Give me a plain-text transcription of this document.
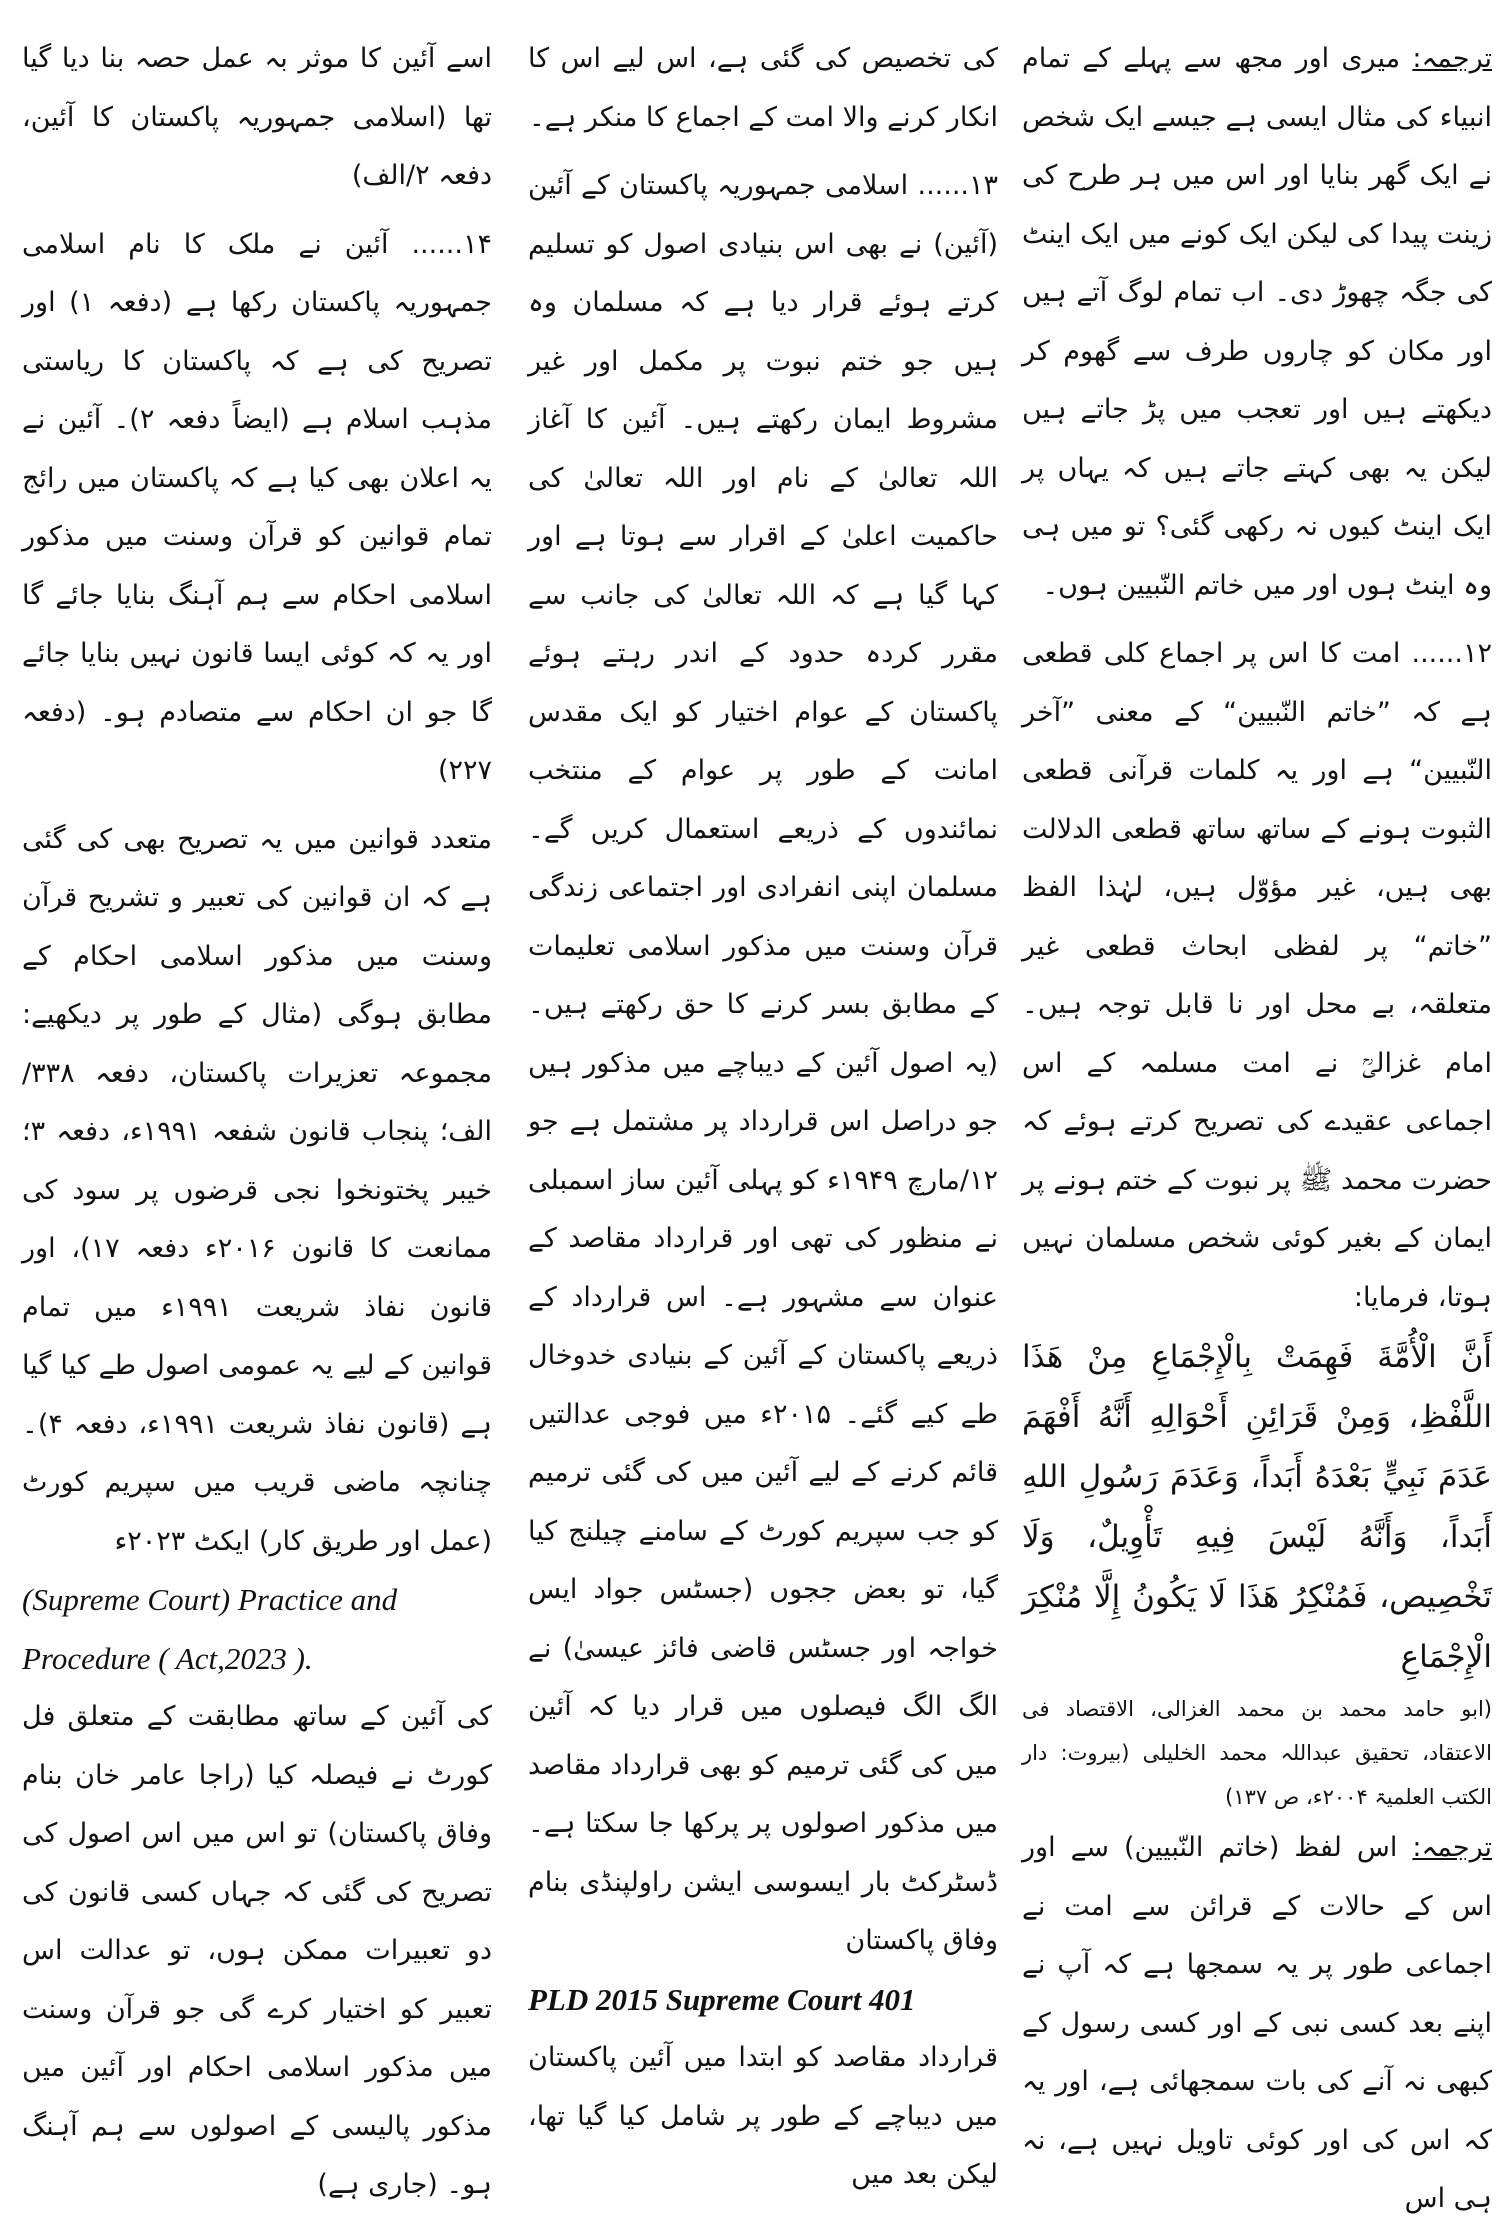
ترجمہ: میری اور مجھ سے پہلے کے تمام انبیاء کی مثال ایسی ہے جیسے ایک شخص نے ایک گھر بنایا اور اس میں ہر طرح کی زینت پیدا کی لیکن ایک کونے میں ایک اینٹ کی جگہ چھوڑ دی۔ اب تمام لوگ آتے ہیں اور مکان کو چاروں طرف سے گھوم کر دیکھتے ہیں اور تعجب میں پڑ جاتے ہیں لیکن یہ بھی کہتے جاتے ہیں کہ یہاں پر ایک اینٹ کیوں نہ رکھی گئی؟ تو میں ہی وہ اینٹ ہوں اور میں خاتم النّبیین ہوں۔

۱۲...... امت کا اس پر اجماع کلی قطعی ہے کہ ”خاتم النّبیین“ کے معنی ”آخر النّبیین“ ہے اور یہ کلمات قرآنی قطعی الثبوت ہونے کے ساتھ ساتھ قطعی الدلالت بھی ہیں، غیر مؤوّل ہیں، لہٰذا الفظ ”خاتم“ پر لفظی ابحاث قطعی غیر متعلقہ، بے محل اور نا قابل توجہ ہیں۔ امام غزالیؒ نے امت مسلمہ کے اس اجماعی عقیدے کی تصریح کرتے ہوئے کہ حضرت محمد ﷺ پر نبوت کے ختم ہونے پر ایمان کے بغیر کوئی شخص مسلمان نہیں ہوتا، فرمایا:

أَنَّ الْأُمَّةَ فَهِمَتْ بِالْإِجْمَاعِ مِنْ هَذَا اللَّفْظِ، وَمِنْ قَرَائِنِ أَحْوَالِهِ أَنَّهُ أَفْهَمَ عَدَمَ نَبِيٍّ بَعْدَهُ أَبَداً، وَعَدَمَ رَسُولِ اللهِ أَبَداً، وَأَنَّهُ لَيْسَ فِيهِ تَأْوِيلٌ، وَلَا تَخْصِيص، فَمُنْكِرُ هَذَا لَا يَكُونُ إِلَّا مُنْكِرَ الْإِجْمَاعِ

(ابو حامد محمد بن محمد الغزالی، الاقتصاد فی الاعتقاد، تحقیق عبداللہ محمد الخلیلی (بیروت: دار الکتب العلمیۃ ۲۰۰۴ء، ص ۱۳۷)

ترجمہ: اس لفظ (خاتم النّبیین) سے اور اس کے حالات کے قرائن سے امت نے اجماعی طور پر یہ سمجھا ہے کہ آپ نے اپنے بعد کسی نبی کے اور کسی رسول کے کبھی نہ آنے کی بات سمجھائی ہے، اور یہ کہ اس کی اور کوئی تاویل نہیں ہے، نہ ہی اس

کی تخصیص کی گئی ہے، اس لیے اس کا انکار کرنے والا امت کے اجماع کا منکر ہے۔

۱۳...... اسلامی جمہوریہ پاکستان کے آئین (آئین) نے بھی اس بنیادی اصول کو تسلیم کرتے ہوئے قرار دیا ہے کہ مسلمان وہ ہیں جو ختم نبوت پر مکمل اور غیر مشروط ایمان رکھتے ہیں۔ آئین کا آغاز اللہ تعالیٰ کے نام اور اللہ تعالیٰ کی حاکمیت اعلیٰ کے اقرار سے ہوتا ہے اور کہا گیا ہے کہ اللہ تعالیٰ کی جانب سے مقرر کردہ حدود کے اندر رہتے ہوئے پاکستان کے عوام اختیار کو ایک مقدس امانت کے طور پر عوام کے منتخب نمائندوں کے ذریعے استعمال کریں گے۔ مسلمان اپنی انفرادی اور اجتماعی زندگی قرآن وسنت میں مذکور اسلامی تعلیمات کے مطابق بسر کرنے کا حق رکھتے ہیں۔ (یہ اصول آئین کے دیباچے میں مذکور ہیں جو دراصل اس قرارداد پر مشتمل ہے جو ۱۲/مارچ ۱۹۴۹ء کو پہلی آئین ساز اسمبلی نے منظور کی تھی اور قرارداد مقاصد کے عنوان سے مشہور ہے۔ اس قرارداد کے ذریعے پاکستان کے آئین کے بنیادی خدوخال طے کیے گئے۔ ۲۰۱۵ء میں فوجی عدالتیں قائم کرنے کے لیے آئین میں کی گئی ترمیم کو جب سپریم کورٹ کے سامنے چیلنج کیا گیا، تو بعض ججوں (جسٹس جواد ایس خواجہ اور جسٹس قاضی فائز عیسیٰ) نے الگ الگ فیصلوں میں قرار دیا کہ آئین میں کی گئی ترمیم کو بھی قرارداد مقاصد میں مذکور اصولوں پر پرکھا جا سکتا ہے۔ ڈسٹرکٹ بار ایسوسی ایشن راولپنڈی بنام وفاق پاکستان

PLD 2015 Supreme Court 401

قرارداد مقاصد کو ابتدا میں آئین پاکستان میں دیباچے کے طور پر شامل کیا گیا تھا، لیکن بعد میں

اسے آئین کا موثر بہ عمل حصہ بنا دیا گیا تھا (اسلامی جمہوریہ پاکستان کا آئین، دفعہ ۲/الف)

۱۴...... آئین نے ملک کا نام اسلامی جمہوریہ پاکستان رکھا ہے (دفعہ ۱) اور تصریح کی ہے کہ پاکستان کا ریاستی مذہب اسلام ہے (ایضاً دفعہ ۲)۔ آئین نے یہ اعلان بھی کیا ہے کہ پاکستان میں رائج تمام قوانین کو قرآن وسنت میں مذکور اسلامی احکام سے ہم آہنگ بنایا جائے گا اور یہ کہ کوئی ایسا قانون نہیں بنایا جائے گا جو ان احکام سے متصادم ہو۔ (دفعہ ۲۲۷)

متعدد قوانین میں یہ تصریح بھی کی گئی ہے کہ ان قوانین کی تعبیر و تشریح قرآن وسنت میں مذکور اسلامی احکام کے مطابق ہوگی (مثال کے طور پر دیکھیے: مجموعہ تعزیرات پاکستان، دفعہ ۳۳۸/الف؛ پنجاب قانون شفعہ ۱۹۹۱ء، دفعہ ۳؛ خیبر پختونخوا نجی قرضوں پر سود کی ممانعت کا قانون ۲۰۱۶ء دفعہ ۱۷)، اور قانون نفاذ شریعت ۱۹۹۱ء میں تمام قوانین کے لیے یہ عمومی اصول طے کیا گیا ہے (قانون نفاذ شریعت ۱۹۹۱ء، دفعہ ۴)۔ چنانچہ ماضی قریب میں سپریم کورٹ (عمل اور طریق کار) ایکٹ ۲۰۲۳ء

(Supreme Court) Practice and Procedure ( Act,2023 ).

کی آئین کے ساتھ مطابقت کے متعلق فل کورٹ نے فیصلہ کیا (راجا عامر خان بنام وفاق پاکستان) تو اس میں اس اصول کی تصریح کی گئی کہ جہاں کسی قانون کی دو تعبیرات ممکن ہوں، تو عدالت اس تعبیر کو اختیار کرے گی جو قرآن وسنت میں مذکور اسلامی احکام اور آئین میں مذکور پالیسی کے اصولوں سے ہم آہنگ ہو۔ (جاری ہے)
